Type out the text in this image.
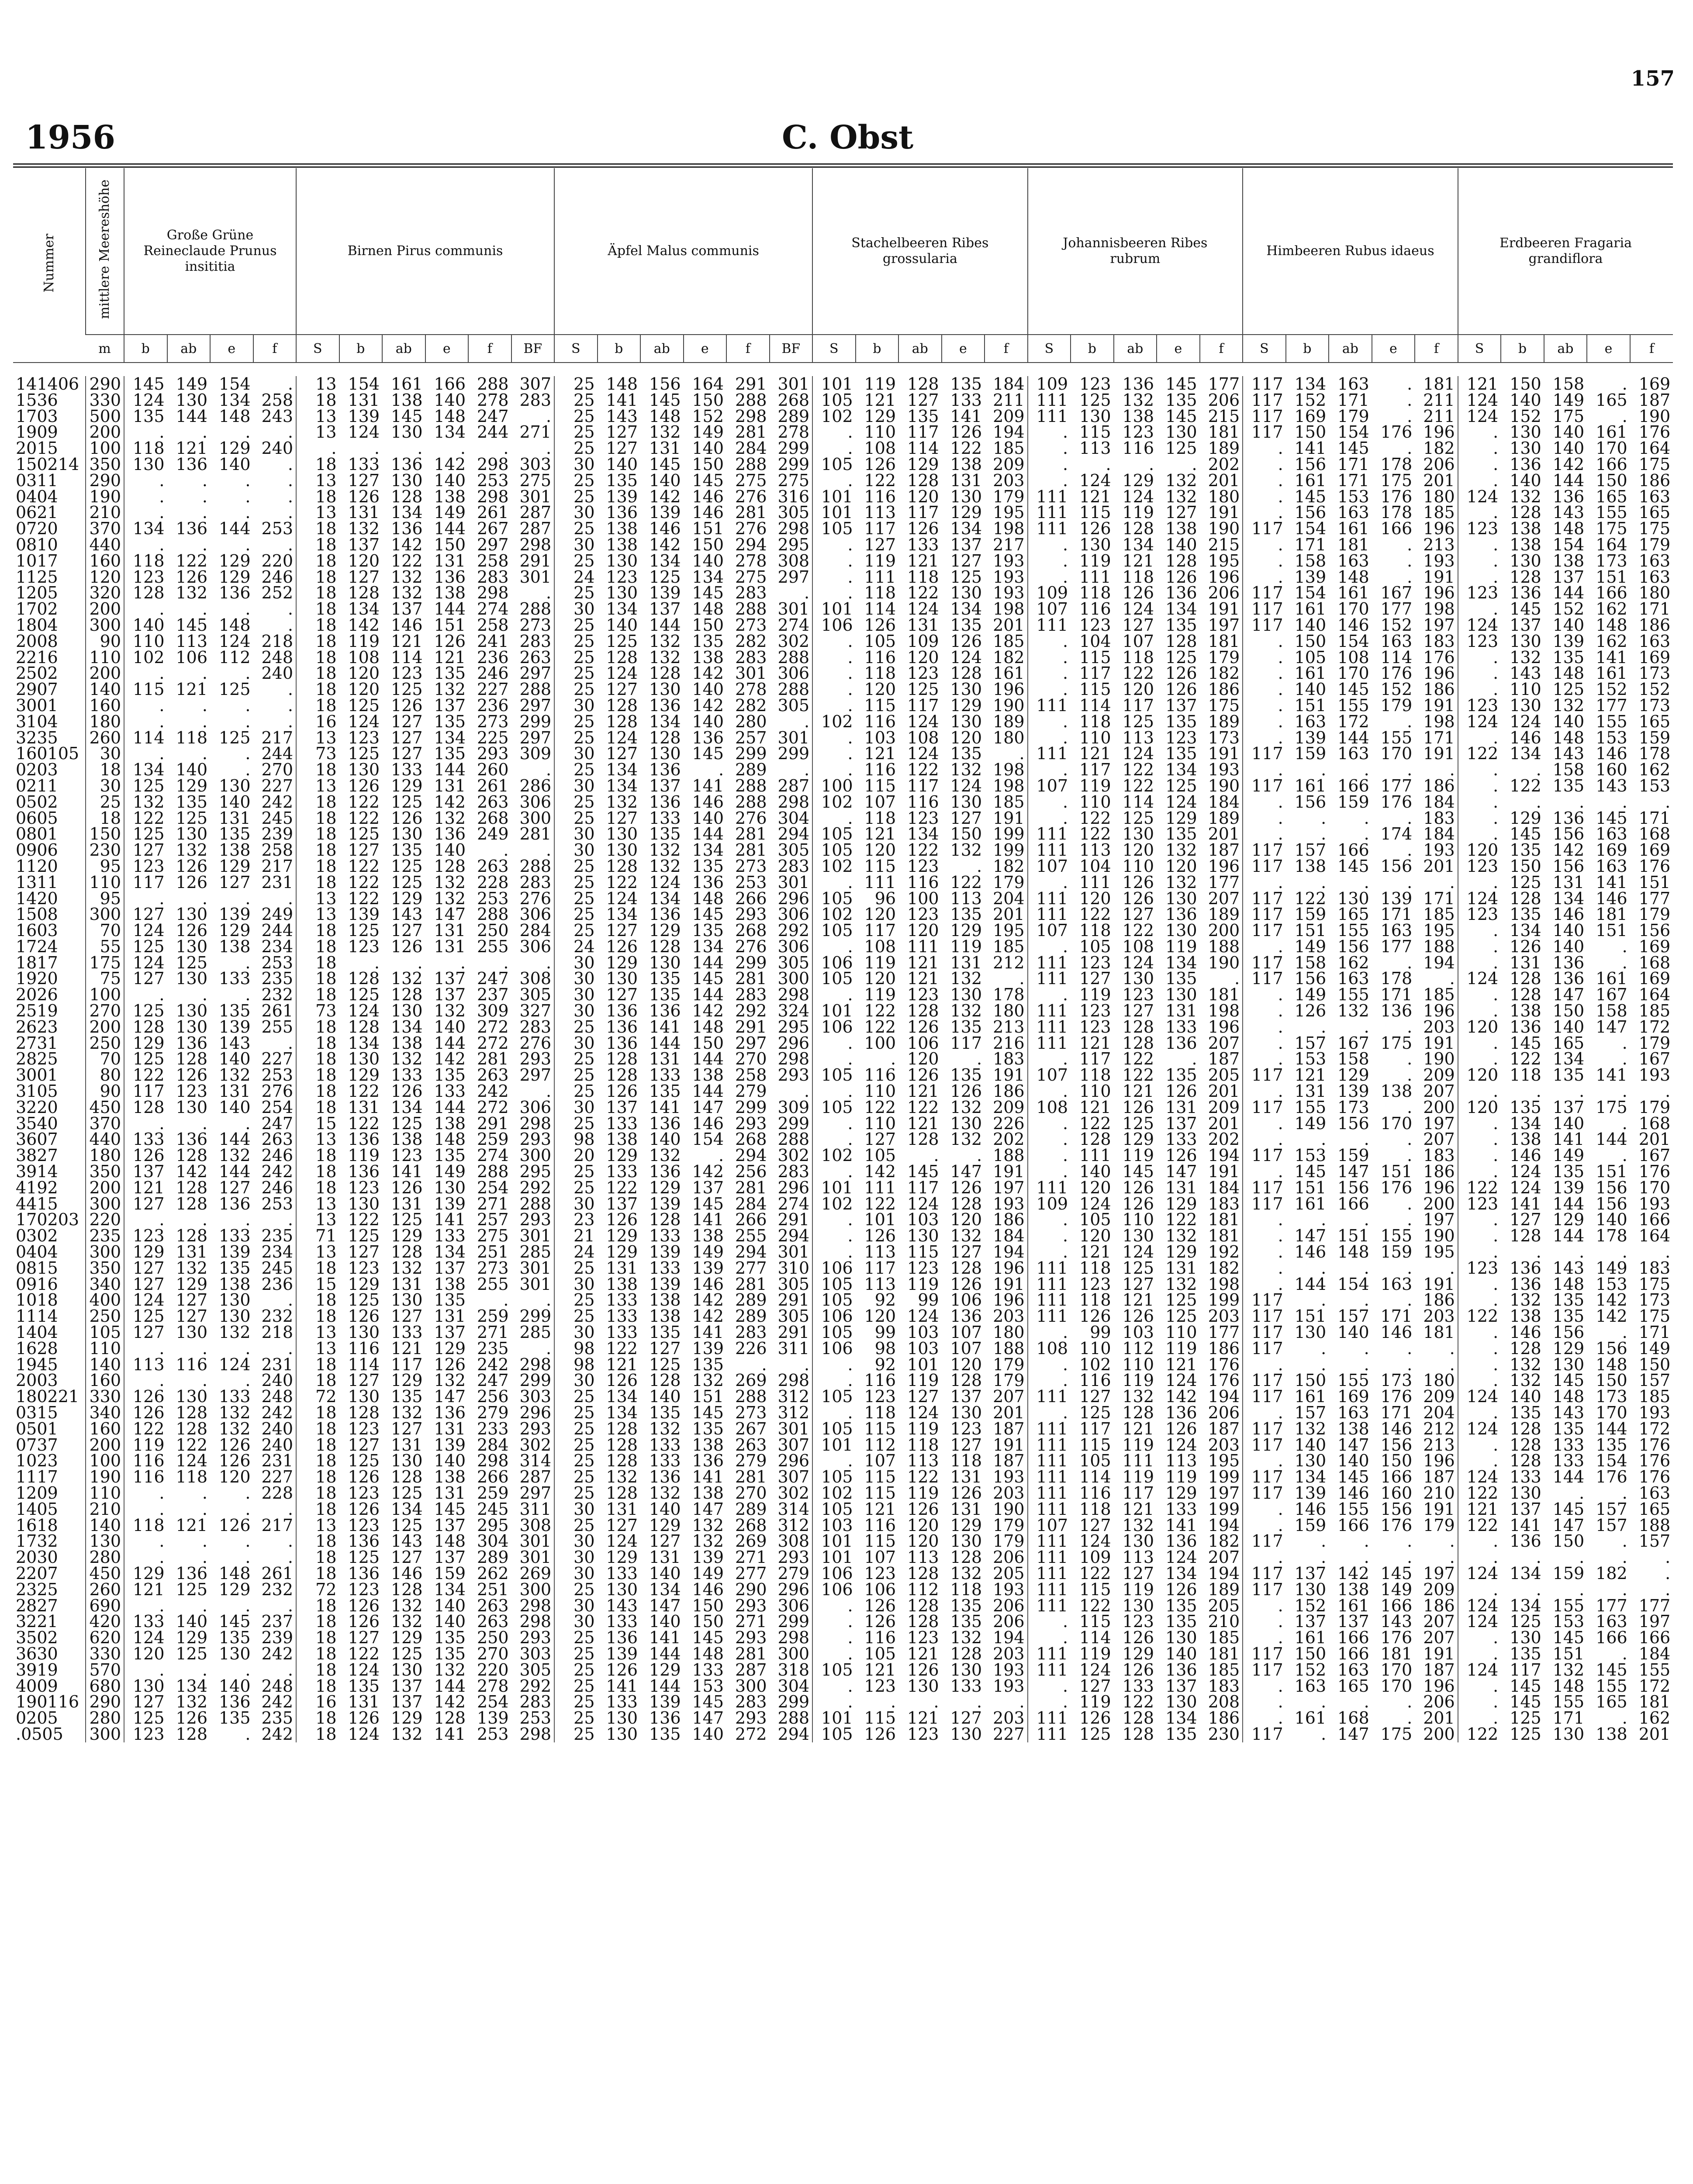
157
1956	C. Obst
Nummer	mittlere Meereshöhe	Große Grüne Reineclaude Prunus insititia				Birnen Pirus communis						Äpfel Malus communis						Stachelbeeren Ribes grossularia					Johannisbeeren Ribes rubrum					Himbeeren Rubus idaeus					Erdbeeren Fragaria grandiflora					
	m	b	ab	e	f	S	b	ab	e	f	BF	S	b	ab	e	f	BF	S	b	ab	e	f	S	b	ab	e	f	S	b	ab	e	f	S	b	ab	e	f	

141406	290	145	149	154	.	13	154	161	166	288	307	25	148	156	164	291	301	101	119	128	135	184	109	123	136	145	177	117	134	163	.	181	121	150	158	.	169	
1536	330	124	130	134	258	18	131	138	140	278	283	25	141	145	150	288	268	105	121	127	133	211	111	125	132	135	206	117	152	171	.	211	124	140	149	165	187	
1703	500	135	144	148	243	13	139	145	148	247	.	25	143	148	152	298	289	102	129	135	141	209	111	130	138	145	215	117	169	179	.	211	124	152	175	.	190	
1909	200	.	.	.	.	13	124	130	134	244	271	25	127	132	149	281	278	.	110	117	126	194	.	115	123	130	181	117	150	154	176	196	.	130	140	161	176	
2015	100	118	121	129	240	.	.	.	.	.	.	25	127	131	140	284	299	.	108	114	122	185	.	113	116	125	189	.	141	145	.	182	.	130	140	170	164	
150214	350	130	136	140	.	18	133	136	142	298	303	30	140	145	150	288	299	105	126	129	138	209	.	.	.	.	202	.	156	171	178	206	.	136	142	166	175	
0311	290	.	.	.	.	13	127	130	140	253	275	25	135	140	145	275	275	.	122	128	131	203	.	124	129	132	201	.	161	171	175	201	.	140	144	150	186	
0404	190	.	.	.	.	18	126	128	138	298	301	25	139	142	146	276	316	101	116	120	130	179	111	121	124	132	180	.	145	153	176	180	124	132	136	165	163	
0621	210	.	.	.	.	13	131	134	149	261	287	30	136	139	146	281	305	101	113	117	129	195	111	115	119	127	191	.	156	163	178	185	.	128	143	155	165	
0720	370	134	136	144	253	18	132	136	144	267	287	25	138	146	151	276	298	105	117	126	134	198	111	126	128	138	190	117	154	161	166	196	123	138	148	175	175	
0810	440	.	.	.	.	18	137	142	150	297	298	30	138	142	150	294	295	.	127	133	137	217	.	130	134	140	215	.	171	181	.	213	.	138	154	164	179	
1017	160	118	122	129	220	18	120	122	131	258	291	25	130	134	140	278	308	.	119	121	127	193	.	119	121	128	195	.	158	163	.	193	.	130	138	173	163	
1125	120	123	126	129	246	18	127	132	136	283	301	24	123	125	134	275	297	.	111	118	125	193	.	111	118	126	196	.	139	148	.	191	.	128	137	151	163	
1205	320	128	132	136	252	18	128	132	138	298	.	25	130	139	145	283	.	.	118	122	130	193	109	118	126	136	206	117	154	161	167	196	123	136	144	166	180	
1702	200	.	.	.	.	18	134	137	144	274	288	30	134	137	148	288	301	101	114	124	134	198	107	116	124	134	191	117	161	170	177	198	.	145	152	162	171	
1804	300	140	145	148	.	18	142	146	151	258	273	25	140	144	150	273	274	106	126	131	135	201	111	123	127	135	197	117	140	146	152	197	124	137	140	148	186	
2008	90	110	113	124	218	18	119	121	126	241	283	25	125	132	135	282	302	.	105	109	126	185	.	104	107	128	181	.	150	154	163	183	123	130	139	162	163	
2216	110	102	106	112	248	18	108	114	121	236	263	25	128	132	138	283	288	.	116	120	124	182	.	115	118	125	179	.	105	108	114	176	.	132	135	141	169	
2502	200	.	.	.	240	18	120	123	135	246	297	25	124	128	142	301	306	.	118	123	128	161	.	117	122	126	182	.	161	170	176	196	.	143	148	161	173	
2907	140	115	121	125	.	18	120	125	132	227	288	25	127	130	140	278	288	.	120	125	130	196	.	115	120	126	186	.	140	145	152	186	.	110	125	152	152	
3001	160	.	.	.	.	18	125	126	137	236	297	30	128	136	142	282	305	.	115	117	129	190	111	114	117	137	175	.	151	155	179	191	123	130	132	177	173	
3104	180	.	.	.	.	16	124	127	135	273	299	25	128	134	140	280	.	102	116	124	130	189	.	118	125	135	189	.	163	172	.	198	124	124	140	155	165	
3235	260	114	118	125	217	13	123	127	134	225	297	25	124	128	136	257	301	.	103	108	120	180	.	110	113	123	173	.	139	144	155	171	.	146	148	153	159	
160105	30	.	.	.	244	73	125	127	135	293	309	30	127	130	145	299	299	.	121	124	135	.	111	121	124	135	191	117	159	163	170	191	122	134	143	146	178	
0203	18	134	140	.	270	18	130	133	144	260	.	25	134	136	.	289	.	.	116	122	132	198	.	117	122	134	193	.	.	.	.	.	.	.	158	160	162	
0211	30	125	129	130	227	13	126	129	131	261	286	30	134	137	141	288	287	100	115	117	124	198	107	119	122	125	190	117	161	166	177	186	.	122	135	143	153	
0502	25	132	135	140	242	18	122	125	142	263	306	25	132	136	146	288	298	102	107	116	130	185	.	110	114	124	184	.	156	159	176	184	.	.	.	.	.	
0605	18	122	125	131	245	18	122	126	132	268	300	25	127	133	140	276	304	.	118	123	127	191	.	122	125	129	189	.	.	.	.	183	.	129	136	145	171	
0801	150	125	130	135	239	18	125	130	136	249	281	30	130	135	144	281	294	105	121	134	150	199	111	122	130	135	201	.	.	.	174	184	.	145	156	163	168	
0906	230	127	132	138	258	18	127	135	140	.	.	30	130	132	134	281	305	105	120	122	132	199	111	113	120	132	187	117	157	166	.	193	120	135	142	169	169	
1120	95	123	126	129	217	18	122	125	128	263	288	25	128	132	135	273	283	102	115	123	.	182	107	104	110	120	196	117	138	145	156	201	123	150	156	163	176	
1311	110	117	126	127	231	18	122	125	132	228	283	25	122	124	136	253	301	.	111	116	122	179	.	111	126	132	177	.	.	.	.	.	.	125	131	141	151	
1420	95	.	.	.	.	13	122	129	132	253	276	25	124	134	148	266	296	105	96	100	113	204	111	120	126	130	207	117	122	130	139	171	124	128	134	146	177	
1508	300	127	130	139	249	13	139	143	147	288	306	25	134	136	145	293	306	102	120	123	135	201	111	122	127	136	189	117	159	165	171	185	123	135	146	181	179	
1603	70	124	126	129	244	18	125	127	131	250	284	25	127	129	135	268	292	105	117	120	129	195	107	118	122	130	200	117	151	155	163	195	.	134	140	151	156	
1724	55	125	130	138	234	18	123	126	131	255	306	24	126	128	134	276	306	.	108	111	119	185	.	105	108	119	188	.	149	156	177	188	.	126	140	.	169	
1817	175	124	125	.	253	18	.	.	.	.	.	30	129	130	144	299	305	106	119	121	131	212	111	123	124	134	190	117	158	162	.	194	.	131	136	.	168	
1920	75	127	130	133	235	18	128	132	137	247	308	30	130	135	145	281	300	105	120	121	132	.	111	127	130	135	.	117	156	163	178	.	124	128	136	161	169	
2026	100	.	.	.	232	18	125	128	137	237	305	30	127	135	144	283	298	.	119	123	130	178	.	119	123	130	181	.	149	155	171	185	.	128	147	167	164	
2519	270	125	130	135	261	73	124	130	132	309	327	30	136	136	142	292	324	101	122	128	132	180	111	123	127	131	198	.	126	132	136	196	.	138	150	158	185	
2623	200	128	130	139	255	18	128	134	140	272	283	25	136	141	148	291	295	106	122	126	135	213	111	123	128	133	196	.	.	.	.	203	120	136	140	147	172	
2731	250	129	136	143	.	18	134	138	144	272	276	30	136	144	150	297	296	.	100	106	117	216	111	121	128	136	207	.	157	167	175	191	.	145	165	.	179	
2825	70	125	128	140	227	18	130	132	142	281	293	25	128	131	144	270	298	.	.	120	.	183	.	117	122	.	187	.	153	158	.	190	.	122	134	.	167	
3001	80	122	126	132	253	18	129	133	135	263	297	25	128	133	138	258	293	105	116	126	135	191	107	118	122	135	205	117	121	129	.	209	120	118	135	141	193	
3105	90	117	123	131	276	18	122	126	133	242	.	25	126	135	144	279	.	.	110	121	126	186	.	110	121	126	201	.	131	139	138	207	.	.	.	.	.	
3220	450	128	130	140	254	18	131	134	144	272	306	30	137	141	147	299	309	105	122	122	132	209	108	121	126	131	209	117	155	173	.	200	120	135	137	175	179	
3540	370	.	.	.	247	15	122	125	138	291	298	25	133	136	146	293	299	.	110	121	130	226	.	122	125	137	201	.	149	156	170	197	.	134	140	.	168	
3607	440	133	136	144	263	13	136	138	148	259	293	98	138	140	154	268	288	.	127	128	132	202	.	128	129	133	202	.	.	.	.	207	.	138	141	144	201	
3827	180	126	128	132	246	18	119	123	135	274	300	20	129	132	.	294	302	102	105	.	.	188	.	111	119	126	194	117	153	159	.	183	.	146	149	.	167	
3914	350	137	142	144	242	18	136	141	149	288	295	25	133	136	142	256	283	.	142	145	147	191	.	140	145	147	191	.	145	147	151	186	.	124	135	151	176	
4192	200	121	128	127	246	18	123	126	130	254	292	25	122	129	137	281	296	101	111	117	126	197	111	120	126	131	184	117	151	156	176	196	122	124	139	156	170	
4415	300	127	128	136	253	13	130	131	139	271	288	30	137	139	145	284	274	102	122	124	128	193	109	124	126	129	183	117	161	166	.	200	123	141	144	156	193	
170203	220	.	.	.	.	13	122	125	141	257	293	23	126	128	141	266	291	.	101	103	120	186	.	105	110	122	181	.	.	.	.	197	.	127	129	140	166	
0302	235	123	128	133	235	71	125	129	133	275	301	21	129	133	138	255	294	.	126	130	132	184	.	120	130	132	181	.	147	151	155	190	.	128	144	178	164	
0404	300	129	131	139	234	13	127	128	134	251	285	24	129	139	149	294	301	.	113	115	127	194	.	121	124	129	192	.	146	148	159	195	.	.	.	.	.	
0815	350	127	132	135	245	18	123	132	137	273	301	25	131	133	139	277	310	106	117	123	128	196	111	118	125	131	182	.	.	.	.	.	123	136	143	149	183	
0916	340	127	129	138	236	15	129	131	138	255	301	30	138	139	146	281	305	105	113	119	126	191	111	123	127	132	198	.	144	154	163	191	.	136	148	153	175	
1018	400	124	127	130	.	18	125	130	135	.	.	25	133	138	142	289	291	105	92	99	106	196	111	118	121	125	199	117	.	.	.	186	.	132	135	142	173	
1114	250	125	127	130	232	18	126	127	131	259	299	25	133	138	142	289	305	106	120	124	136	203	111	126	126	125	203	117	151	157	171	203	122	138	135	142	175	
1404	105	127	130	132	218	13	130	133	137	271	285	30	133	135	141	283	291	105	99	103	107	180	.	99	103	110	177	117	130	140	146	181	.	146	156	.	171	
1628	110	.	.	.	.	13	116	121	129	235	.	98	122	127	139	226	311	106	98	103	107	188	108	110	112	119	186	117	.	.	.	.	.	128	129	156	149	
1945	140	113	116	124	231	18	114	117	126	242	298	98	121	125	135	.	.	.	92	101	120	179	.	102	110	121	176	.	.	.	.	.	.	132	130	148	150	
2003	160	.	.	.	240	18	127	129	132	247	299	30	126	128	132	269	298	.	116	119	128	179	.	116	119	124	176	117	150	155	173	180	.	132	145	150	157	
180221	330	126	130	133	248	72	130	135	147	256	303	25	134	140	151	288	312	105	123	127	137	207	111	127	132	142	194	117	161	169	176	209	124	140	148	173	185	
0315	340	126	128	132	242	18	128	132	136	279	296	25	134	135	145	273	312	.	118	124	130	201	.	125	128	136	206	.	157	163	171	204	.	135	143	170	193	
0501	160	122	128	132	240	18	123	127	131	233	293	25	128	132	135	267	301	105	115	119	123	187	111	117	121	126	187	117	132	138	146	212	124	128	135	144	172	
0737	200	119	122	126	240	18	127	131	139	284	302	25	128	133	138	263	307	101	112	118	127	191	111	115	119	124	203	117	140	147	156	213	.	128	133	135	176	
1023	100	116	124	126	231	18	125	130	140	298	314	25	128	133	136	279	296	.	107	113	118	187	111	105	111	113	195	.	130	140	150	196	.	128	133	154	176	
1117	190	116	118	120	227	18	126	128	138	266	287	25	132	136	141	281	307	105	115	122	131	193	111	114	119	119	199	117	134	145	166	187	124	133	144	176	176	
1209	110	.	.	.	228	18	123	125	131	259	297	25	128	132	138	270	302	102	115	119	126	203	111	116	117	129	197	117	139	146	160	210	122	130	.	.	163	
1405	210	.	.	.	.	18	126	134	145	245	311	30	131	140	147	289	314	105	121	126	131	190	111	118	121	133	199	.	146	155	156	191	121	137	145	157	165	
1618	140	118	121	126	217	13	123	125	137	295	308	25	127	129	132	268	312	103	116	120	129	179	107	127	132	141	194	.	159	166	176	179	122	141	147	157	188	
1732	130	.	.	.	.	18	136	143	148	304	301	30	124	127	132	269	308	101	115	120	130	179	111	124	130	136	182	117	.	.	.	.	.	136	150	.	157	
2030	280	.	.	.	.	18	125	127	137	289	301	30	129	131	139	271	293	101	107	113	128	206	111	109	113	124	207	.	.	.	.	.	.	.	.	.	.	
2207	450	129	136	148	261	18	136	146	159	262	269	30	133	140	149	277	279	106	123	128	132	205	111	122	127	134	194	117	137	142	145	197	124	134	159	182	.	
2325	260	121	125	129	232	72	123	128	134	251	300	25	130	134	146	290	296	106	106	112	118	193	111	115	119	126	189	117	130	138	149	209	.	.	.	.	.	
2827	690	.	.	.	.	18	126	132	140	263	298	30	143	147	150	293	306	.	126	128	135	206	111	122	130	135	205	.	152	161	166	186	124	134	155	177	177	
3221	420	133	140	145	237	18	126	132	140	263	298	30	133	140	150	271	299	.	126	128	135	206	.	115	123	135	210	.	137	137	143	207	124	125	153	163	197	
3502	620	124	129	135	239	18	127	129	135	250	293	25	136	141	145	293	298	.	116	123	132	194	.	114	126	130	185	.	161	166	176	207	.	130	145	166	166	
3630	330	120	125	130	242	18	122	125	135	270	303	25	139	144	148	281	300	.	105	121	128	203	111	119	129	140	181	117	150	166	181	191	.	135	151	.	184	
3919	570	.	.	.	.	18	124	130	132	220	305	25	126	129	133	287	318	105	121	126	130	193	111	124	126	136	185	117	152	163	170	187	124	117	132	145	155	
4009	680	130	134	140	248	18	135	137	144	278	292	25	141	144	153	300	304	.	123	130	133	193	.	127	133	137	183	.	163	165	170	196	.	145	148	155	172	
190116	290	127	132	136	242	16	131	137	142	254	283	25	133	139	145	283	299	.	.	.	.	.	.	119	122	130	208	.	.	.	.	206	.	145	155	165	181	
0205	280	125	126	135	235	18	126	129	128	139	253	25	130	136	147	293	288	101	115	121	127	203	111	126	128	134	186	.	161	168	.	201	.	125	171	.	162	
.0505	300	123	128	.	242	18	124	132	141	253	298	25	130	135	140	272	294	105	126	123	130	227	111	125	128	135	230	117	.	147	175	200	122	125	130	138	201	
